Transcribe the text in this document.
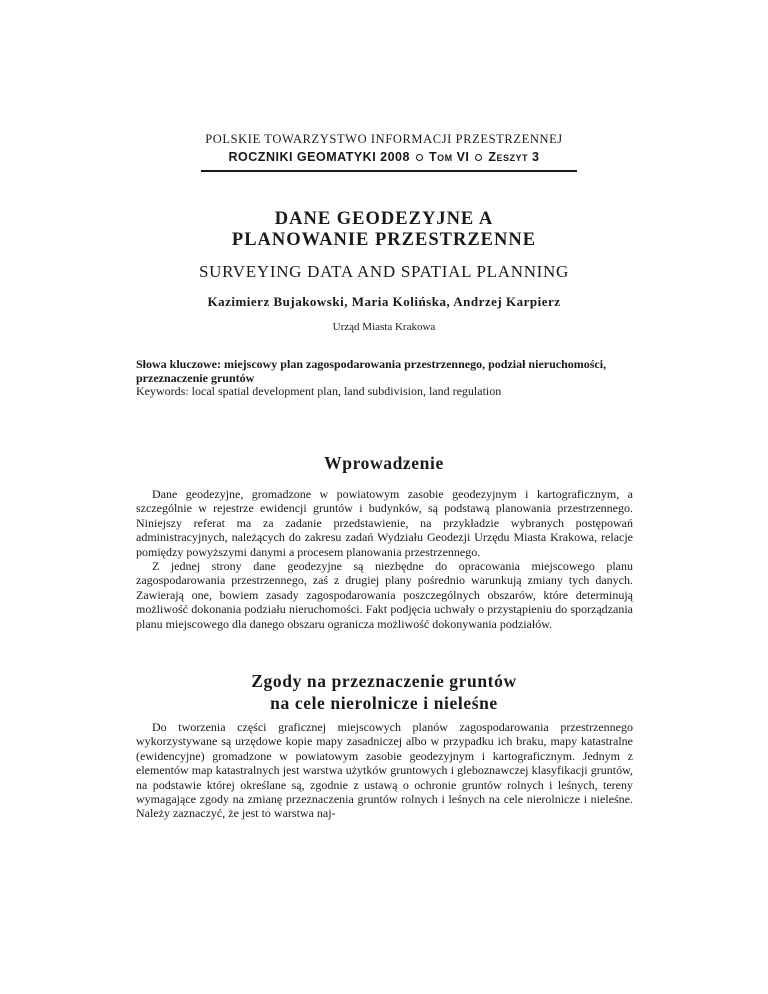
POLSKIE TOWARZYSTWO INFORMACJI PRZESTRZENNEJ
ROCZNIKI GEOMATYKI 2008 Tom VI Zeszyt 3
DANE GEODEZYJNE A PLANOWANIE PRZESTRZENNE
SURVEYING DATA AND SPATIAL PLANNING
Kazimierz Bujakowski, Maria Kolińska, Andrzej Karpierz
Urząd Miasta Krakowa
Słowa kluczowe: miejscowy plan zagospodarowania przestrzennego, podział nieruchomości, przeznaczenie gruntów
Keywords: local spatial development plan, land subdivision, land regulation
Wprowadzenie
Dane geodezyjne, gromadzone w powiatowym zasobie geodezyjnym i kartograficznym, a szczególnie w rejestrze ewidencji gruntów i budynków, są podstawą planowania przestrzennego. Niniejszy referat ma za zadanie przedstawienie, na przykładzie wybranych postępowań administracyjnych, należących do zakresu zadań Wydziału Geodezji Urzędu Miasta Krakowa, relacje pomiędzy powyższymi danymi a procesem planowania przestrzennego.
Z jednej strony dane geodezyjne są niezbędne do opracowania miejscowego planu zagospodarowania przestrzennego, zaś z drugiej plany pośrednio warunkują zmiany tych danych. Zawierają one, bowiem zasady zagospodarowania poszczególnych obszarów, które determinują możliwość dokonania podziału nieruchomości. Fakt podjęcia uchwały o przystąpieniu do sporządzania planu miejscowego dla danego obszaru ogranicza możliwość dokonywania podziałów.
Zgody na przeznaczenie gruntów
na cele nierolnicze i nieleśne
Do tworzenia części graficznej miejscowych planów zagospodarowania przestrzennego wykorzystywane są urzędowe kopie mapy zasadniczej albo w przypadku ich braku, mapy katastralne (ewidencyjne) gromadzone w powiatowym zasobie geodezyjnym i kartograficznym. Jednym z elementów map katastralnych jest warstwa użytków gruntowych i gleboznawczej klasyfikacji gruntów, na podstawie której określane są, zgodnie z ustawą o ochronie gruntów rolnych i leśnych, tereny wymagające zgody na zmianę przeznaczenia gruntów rolnych i leśnych na cele nierolnicze i nieleśne. Należy zaznaczyć, że jest to warstwa naj-
